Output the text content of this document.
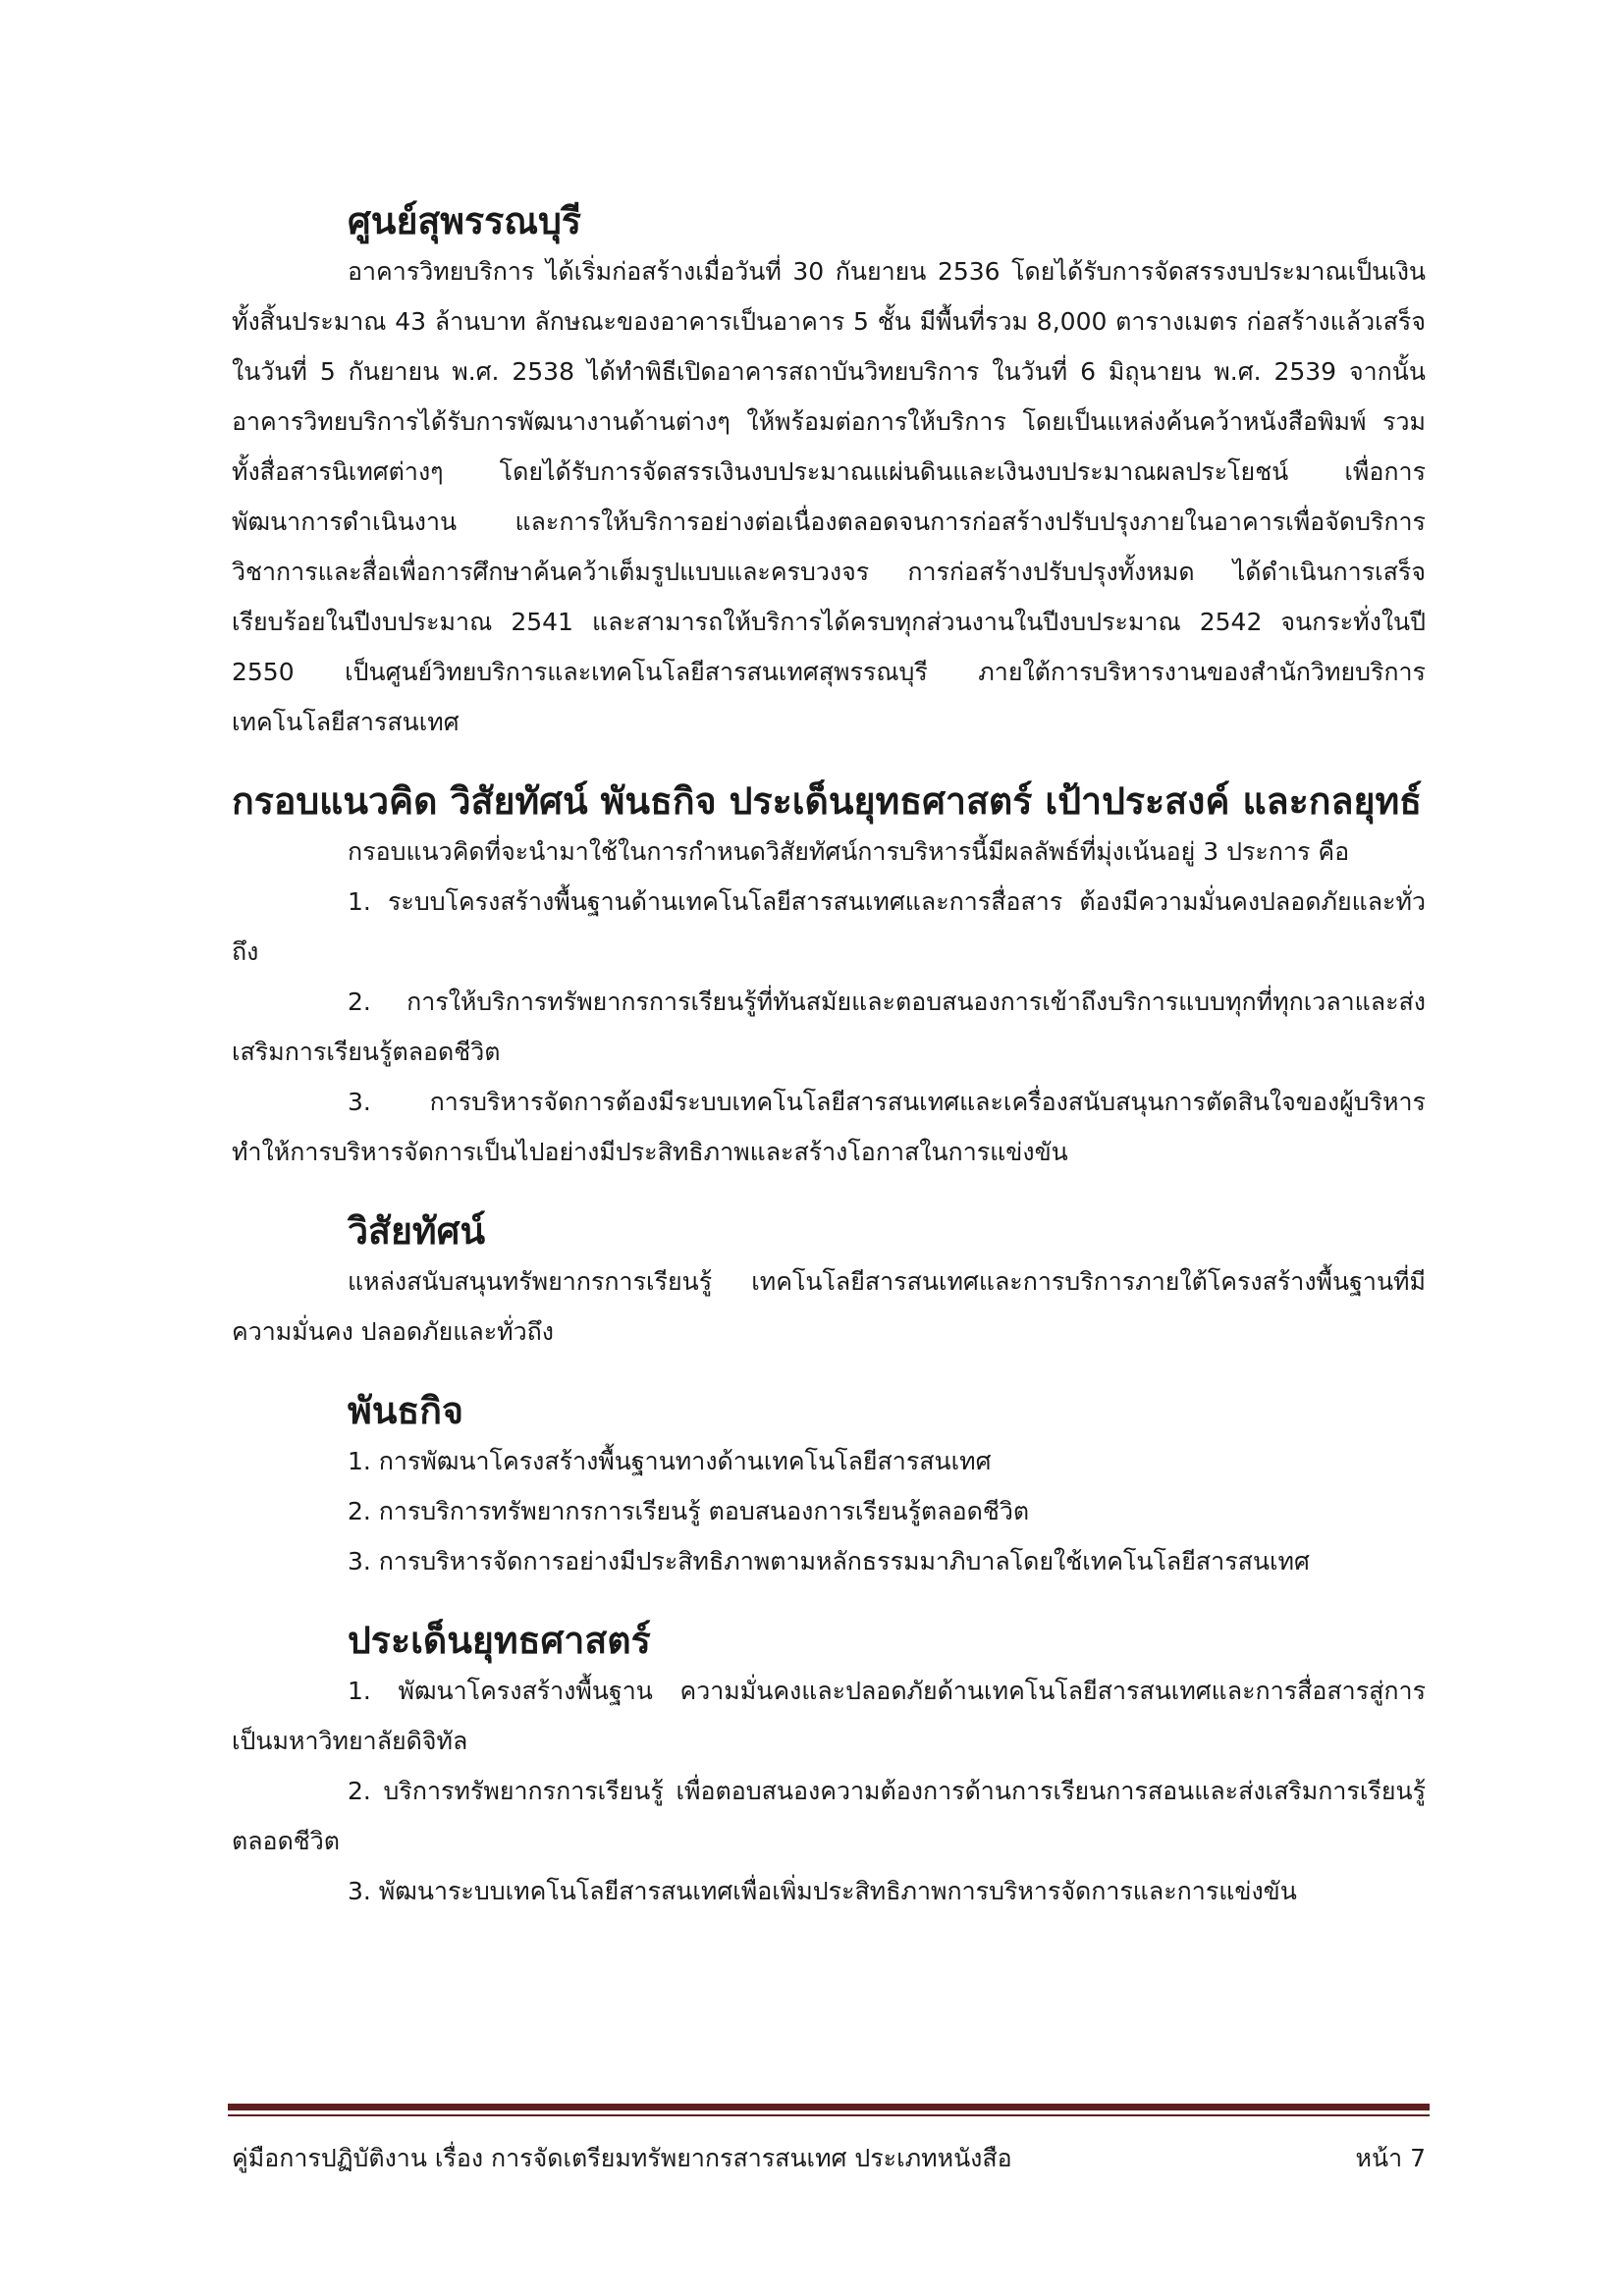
ศูนย์สุพรรณบุรี

อาคารวิทยบริการ ได้เริ่มก่อสร้างเมื่อวันที่ 30 กันยายน 2536 โดยได้รับการจัดสรรงบประมาณเป็นเงินทั้งสิ้นประมาณ 43 ล้านบาท ลักษณะของอาคารเป็นอาคาร 5 ชั้น มีพื้นที่รวม 8,000 ตารางเมตร ก่อสร้างแล้วเสร็จในวันที่ 5 กันยายน พ.ศ. 2538 ได้ทำพิธีเปิดอาคารสถาบันวิทยบริการ ในวันที่ 6 มิถุนายน พ.ศ. 2539 จากนั้นอาคารวิทยบริการได้รับการพัฒนางานด้านต่างๆ ให้พร้อมต่อการให้บริการ โดยเป็นแหล่งค้นคว้าหนังสือพิมพ์ รวมทั้งสื่อสารนิเทศต่างๆ โดยได้รับการจัดสรรเงินงบประมาณแผ่นดินและเงินงบประมาณผลประโยชน์ เพื่อการพัฒนาการดำเนินงาน และการให้บริการอย่างต่อเนื่องตลอดจนการก่อสร้างปรับปรุงภายในอาคารเพื่อจัดบริการวิชาการและสื่อเพื่อการศึกษาค้นคว้าเต็มรูปแบบและครบวงจร การก่อสร้างปรับปรุงทั้งหมด ได้ดำเนินการเสร็จเรียบร้อยในปีงบประมาณ 2541 และสามารถให้บริการได้ครบทุกส่วนงานในปีงบประมาณ 2542 จนกระทั่งในปี 2550 เป็นศูนย์วิทยบริการและเทคโนโลยีสารสนเทศสุพรรณบุรี ภายใต้การบริหารงานของสำนักวิทยบริการเทคโนโลยีสารสนเทศ

กรอบแนวคิด วิสัยทัศน์ พันธกิจ ประเด็นยุทธศาสตร์ เป้าประสงค์ และกลยุทธ์

กรอบแนวคิดที่จะนำมาใช้ในการกำหนดวิสัยทัศน์การบริหารนี้มีผลลัพธ์ที่มุ่งเน้นอยู่ 3 ประการ คือ

1. ระบบโครงสร้างพื้นฐานด้านเทคโนโลยีสารสนเทศและการสื่อสาร ต้องมีความมั่นคงปลอดภัยและทั่วถึง

2. การให้บริการทรัพยากรการเรียนรู้ที่ทันสมัยและตอบสนองการเข้าถึงบริการแบบทุกที่ทุกเวลาและส่งเสริมการเรียนรู้ตลอดชีวิต

3. การบริหารจัดการต้องมีระบบเทคโนโลยีสารสนเทศและเครื่องสนับสนุนการตัดสินใจของผู้บริหาร ทำให้การบริหารจัดการเป็นไปอย่างมีประสิทธิภาพและสร้างโอกาสในการแข่งขัน

วิสัยทัศน์

แหล่งสนับสนุนทรัพยากรการเรียนรู้ เทคโนโลยีสารสนเทศและการบริการภายใต้โครงสร้างพื้นฐานที่มีความมั่นคง ปลอดภัยและทั่วถึง

พันธกิจ

1. การพัฒนาโครงสร้างพื้นฐานทางด้านเทคโนโลยีสารสนเทศ

2. การบริการทรัพยากรการเรียนรู้ ตอบสนองการเรียนรู้ตลอดชีวิต

3. การบริหารจัดการอย่างมีประสิทธิภาพตามหลักธรรมมาภิบาลโดยใช้เทคโนโลยีสารสนเทศ

ประเด็นยุทธศาสตร์

1. พัฒนาโครงสร้างพื้นฐาน ความมั่นคงและปลอดภัยด้านเทคโนโลยีสารสนเทศและการสื่อสารสู่การเป็นมหาวิทยาลัยดิจิทัล

2. บริการทรัพยากรการเรียนรู้ เพื่อตอบสนองความต้องการด้านการเรียนการสอนและส่งเสริมการเรียนรู้ตลอดชีวิต

3. พัฒนาระบบเทคโนโลยีสารสนเทศเพื่อเพิ่มประสิทธิภาพการบริหารจัดการและการแข่งขัน

คู่มือการปฏิบัติงาน เรื่อง การจัดเตรียมทรัพยากรสารสนเทศ ประเภทหนังสือ	หน้า 7
